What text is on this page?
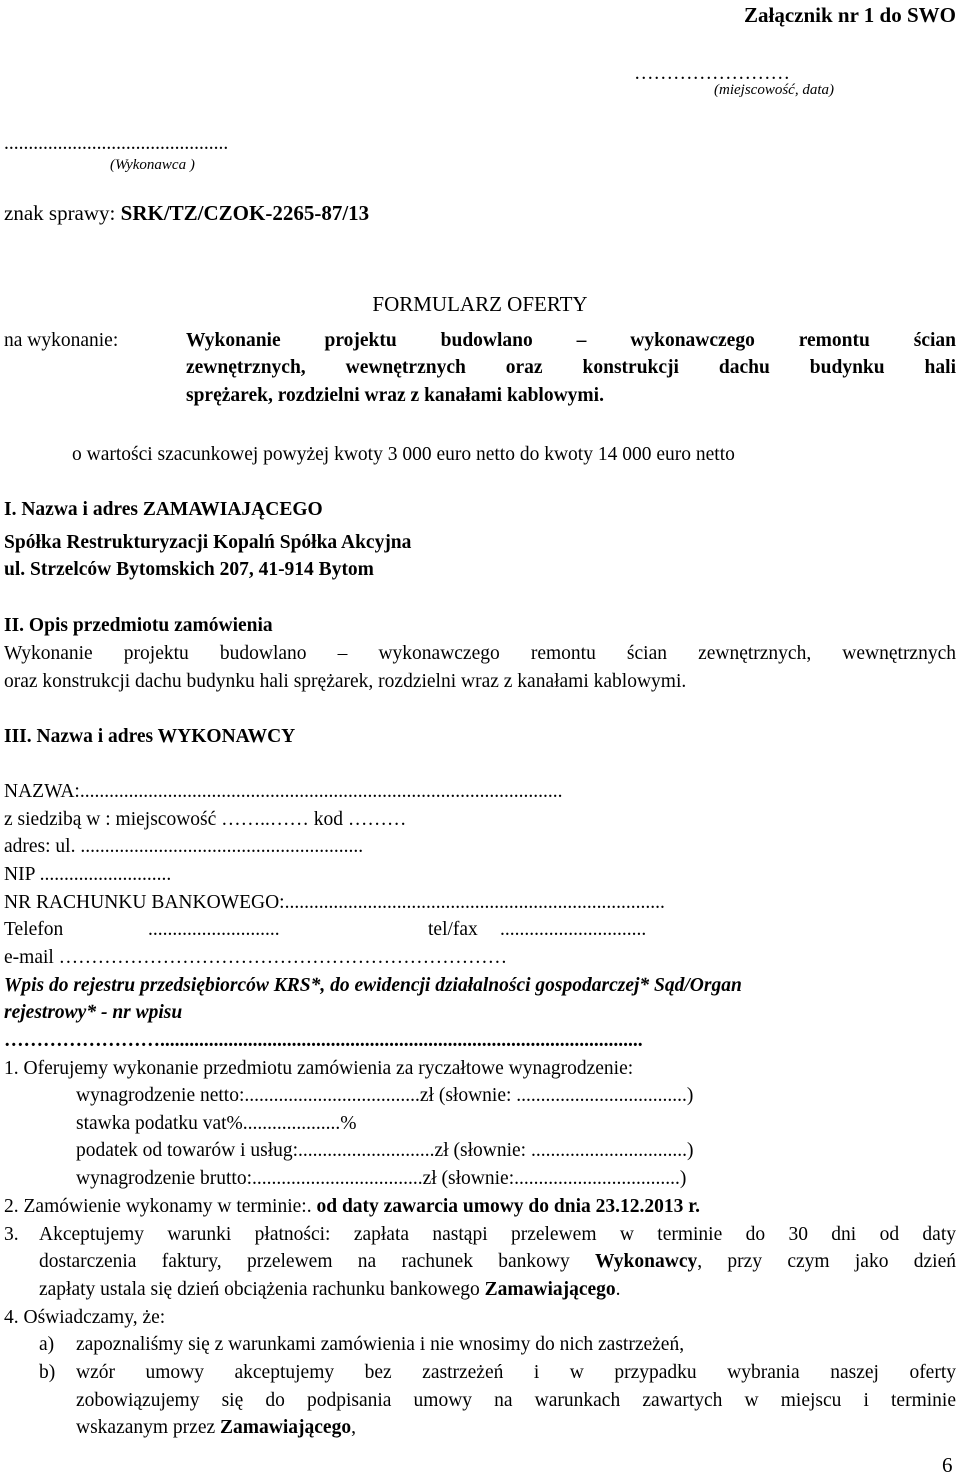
Załącznik nr 1 do SWO
……………………
(miejscowość, data)
..............................................
(Wykonawca )
znak sprawy: SRK/TZ/CZOK-2265-87/13
FORMULARZ OFERTY
na wykonanie:	Wykonanie projektu budowlano – wykonawczego remontu ścian
zewnętrznych, wewnętrznych oraz konstrukcji dachu budynku hali
sprężarek, rozdzielni wraz z kanałami kablowymi.
o wartości szacunkowej powyżej kwoty 3 000 euro netto do kwoty 14 000 euro netto
I. Nazwa i adres ZAMAWIAJĄCEGO
Spółka Restrukturyzacji Kopalń Spółka Akcyjna
ul. Strzelców Bytomskich 207, 41-914 Bytom
II. Opis przedmiotu zamówienia
Wykonanie projektu budowlano – wykonawczego remontu ścian zewnętrznych, wewnętrznych
oraz konstrukcji dachu budynku hali sprężarek, rozdzielni wraz z kanałami kablowymi.
III. Nazwa i adres WYKONAWCY
NAZWA:...................................................................................................
z siedzibą w : miejscowość ……..…… kod ………
adres: ul. ..........................................................
NIP ...........................
NR RACHUNKU BANKOWEGO:..............................................................................
Telefon	...........................	tel/fax ..............................
e-mail ……………………………………………………………
Wpis do rejestru przedsiębiorców KRS*, do ewidencji działalności gospodarczej* Sąd/Organ
rejestrowy* - nr wpisu
……………………...................................................................................................
1. Oferujemy wykonanie przedmiotu zamówienia za ryczałtowe wynagrodzenie:
wynagrodzenie netto:....................................zł (słownie: ...................................)
stawka podatku vat%....................%
podatek od towarów i usług:............................zł (słownie: ................................)
wynagrodzenie brutto:...................................zł (słownie:..................................)
2. Zamówienie wykonamy w terminie:. od daty zawarcia umowy do dnia 23.12.2013 r.
3. Akceptujemy warunki płatności: zapłata nastąpi przelewem w terminie do 30 dni od daty
dostarczenia faktury, przelewem na rachunek bankowy Wykonawcy, przy czym jako dzień
zapłaty ustala się dzień obciążenia rachunku bankowego Zamawiającego.
4. Oświadczamy, że:
a) zapoznaliśmy się z warunkami zamówienia i nie wnosimy do nich zastrzeżeń,
b) wzór umowy akceptujemy bez zastrzeżeń i w przypadku wybrania naszej oferty
zobowiązujemy się do podpisania umowy na warunkach zawartych w miejscu i terminie
wskazanym przez Zamawiającego,
6
